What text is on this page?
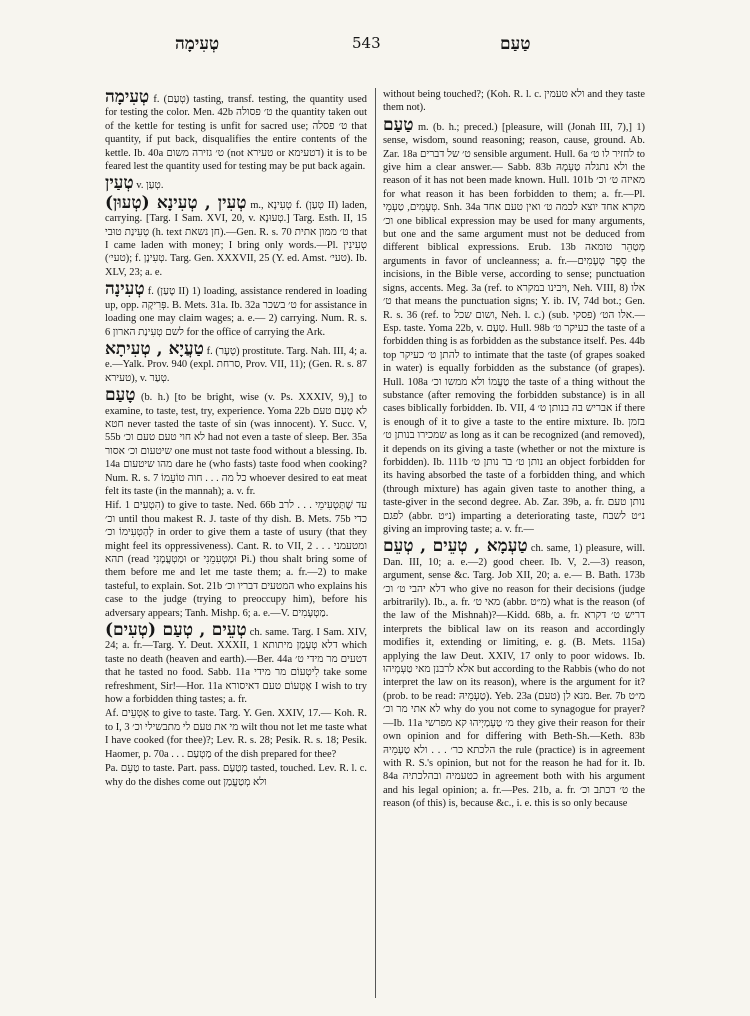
טְעִימָה	543	טַעַם

טְעִימָה f. (טְעַם) tasting, transf. testing, the quantity used for testing the color. Men. 42b ט׳ פסולה the quantity taken out of the kettle for testing is unfit for sacred use; ט׳ פסלה that quantity, if put back, disqualifies the entire contents of the kettle. Ib. 40a ט׳ גזירה משום (not טעירא or דטעימא) it is to be feared lest the quantity used for testing may be put back again.

טְעַין v. טְעַן.

(טְעוּן) טְעִין , טְעִינָא m., טְעִינָא f. (טְעַן II) laden, carrying. [Targ. I Sam. XVI, 20, v. טְעוּנָא.] Targ. Esth. II, 15 טְעִינַת טוּבי (h. text חן נשאת).—Gen. R. s. 70 ט׳ ממון אתית that I came laden with money; I bring only words.—Pl. טְעִינִין (טעי׳); f. טְעִינָן. Targ. Gen. XXXVII, 25 (Y. ed. Amst. טעי׳). Ib. XLV, 23; a. e.

טְעִינָה f. (טָעַן II) 1) loading, assistance rendered in loading up, opp. פְּרִיקָה. B. Mets. 31a. Ib. 32a ט׳ בשכר for assistance in loading one may claim wages; a. e.— 2) carrying. Num. R. s. 6 לשם טְעִינַת הארון for the office of carrying the Ark.

טַעֲיָא , טְעִיתָא f. (טְעָר) prostitute. Targ. Nah. III, 4; a. e.—Yalk. Prov. 940 (expl. סרחת, Prov. VII, 11); (Gen. R. s. 87 טעירא), v. טְעַר.

טָעַם (b. h.) [to be bright, wise (v. Ps. XXXIV, 9),] to examine, to taste, test, try, experience. Yoma 22b לא טָעַם טעם חטא never tasted the taste of sin (was innocent). Y. Succ. V, 55b לא חוי טעם טעם וכ׳ had not even a taste of sleep. Ber. 35a שיטעום וכ׳ אסור one must not taste food without a blessing. Ib. 14a מהו שיטעום dare he (who fasts) taste food when cooking? Num. R. s. 7 כל מה . . . חוה טוֹעֵמוֹ whoever desired to eat meat felt its taste (in the mannah); a. v. fr.

Hif. הִטְעִים 1) to give to taste. Ned. 66b עד שֶׁתַּטְעִימֵי . . . לרב וכ׳ until thou makest R. J. taste of thy dish. B. Mets. 75b כדי לְהַטְעִימוֹ וכ׳ in order to give them a taste of usury (that they might feel its oppressiveness). Cant. R. to VII, 2 ומטעמני . . . תהא (read וּמַטְעֲמָנִי or וּמַטְעִמֵנִי Pi.) thou shalt bring some of them before me and let me taste them; a. fr.—2) to make tasteful, to explain. Sot. 21b המטעים דבריו וכ׳ who explains his case to the judge (trying to preoccupy him), before his adversary appears; Tanh. Mishp. 6; a. e.—V. מַטְעָמִים.

(טְעִים) טְעֵים , טְעַם ch. same. Targ. I Sam. XIV, 24; a. fr.—Targ. Y. Deut. XXXII, 1 דלא טְעָמַן מיתותא which taste no death (heaven and earth).—Ber. 44a דטעים מר מידי ט׳ that he tasted no food. Sabb. 11a לִיטְעוֹם מר מידי take some refreshment, Sir!—Hor. 11a אֶטְעוֹם טעם דאיסורא I wish to try how a forbidden thing tastes; a. fr.

Af. אַטְעֵים to give to taste. Targ. Y. Gen. XXIV, 17.— Koh. R. to I, 3 מי את טעם לי מתבשילי וכ׳ wilt thou not let me taste what I have cooked (for thee)?; Lev. R. s. 28; Pesik. R. s. 18; Pesik. Haomer, p. 70a . . . מַטְעַם of the dish prepared for thee?

Pa. טַעֵם to taste. Part. pass. מְטַעַם tasted, touched. Lev. R. l. c. why do the dishes come out ולא מְטַעֲמַן

without being touched?; (Koh. R. l. c. ולא טעמין and they taste them not).

טַעַם m. (b. h.; preced.) [pleasure, will (Jonah III, 7),] 1) sense, wisdom, sound reasoning; reason, cause, ground. Ab. Zar. 18a ט׳ של דברים sensible argument. Hull. 6a לחזיר לו ט׳ to give him a clear answer.— Sabb. 83b ולא נתגלה טַעְמָהּ the reason of it has not been made known. Hull. 101b מאיזה ט׳ וכ׳ for what reason it has been forbidden to them; a. fr.—Pl. טְעָמִים, טַעְמֵי. Snh. 34a מקרא אחד יוצא לכמה ט׳ ואין טעם אחד וכ׳ one biblical expression may be used for many arguments, but one and the same argument must not be deduced from different biblical expressions. Erub. 13b מְטַהֵר טומאה arguments in favor of uncleanness; a. fr.—סֵפֶר טְעָמִים the incisions, in the Bible verse, according to sense; punctuation signs, accents. Meg. 3a (ref. to ויבינו במקרא, Neh. VIII, 8) אלו ט׳ that means the punctuation signs; Y. ib. IV, 74d bot.; Gen. R. s. 36 (ref. to ושום שכל, Neh. l. c.) (sub. פסקי) אלו הט׳.—Esp. taste. Yoma 22b, v. טָעַם. Hull. 98b כעיקר ט׳ the taste of a forbidden thing is as forbidden as the substance itself. Pes. 44b top להתן ט׳ כעיקר to intimate that the taste (of grapes soaked in water) is equally forbidden as the substance (of grapes). Hull. 108a טַעֲמוֹ ולא ממשו וכ׳ the taste of a thing without the substance (after removing the forbidden substance) is in all cases biblically forbidden. Ib. VII, 4 אבריש בה בנותן ט׳ if there is enough of it to give a taste to the entire mixture. Ib. בזמן שמכירו בנותן ט׳ as long as it can be recognized (and removed), it depends on its giving a taste (whether or not the mixture is forbidden). Ib. 111b נותן ט׳ בר נותן ט׳ an object forbidden for its having absorbed the taste of a forbidden thing, and which (through mixture) has again given taste to another thing, a taste-giver in the second degree. Ab. Zar. 39b, a. fr. נותן טעם לפגם (abbr. נ״ט) imparting a deteriorating taste, נ״ט לשבח giving an improving taste; a. v. fr.—

טַעְמָא , טְעֵים , טְעֵם ch. same, 1) pleasure, will. Dan. III, 10; a. e.—2) good cheer. Ib. V, 2.—3) reason, argument, sense &c. Targ. Job XII, 20; a. e.— B. Bath. 173b דלא יהבי ט׳ וכ׳ who give no reason for their decisions (judge arbitrarily). Ib., a. fr. מאי ט׳ (abbr. מ״ט) what is the reason (of the law of the Mishnah)?—Kidd. 68b, a. fr. דריש ט׳ דקרא interprets the biblical law on its reason and accordingly modifies it, extending or limiting, e. g. (B. Mets. 115a) applying the law Deut. XXIV, 17 only to poor widows. Ib. אלא לרבנן מאי טַעְמָיהוּ but according to the Rabbis (who do not interpret the law on its reason), where is the argument for it? (prob. to be read: טַעְמֵיהּ). Yeb. 23a (טעם) מנא לן. Ber. 7b מ״ט לא אתי מר וכ׳ why do you not come to synagogue for prayer?—Ib. 11a מ׳ טַעְמַיְיהוּ קא מפרשי they give their reason for their own opinion and for differing with Beth-Sh.—Keth. 83b הלכתא כר׳ . . . ולא טַעְמֵיהּ the rule (practice) is in agreement with R. S.'s opinion, but not for the reason he had for it. Ib. 84a כטעמיה ובהלכתיה in agreement both with his argument and his legal opinion; a. fr.—Pes. 21b, a. fr. ט׳ דכתב וכ׳ the reason (of this) is, because &c., i. e. this is so only because
